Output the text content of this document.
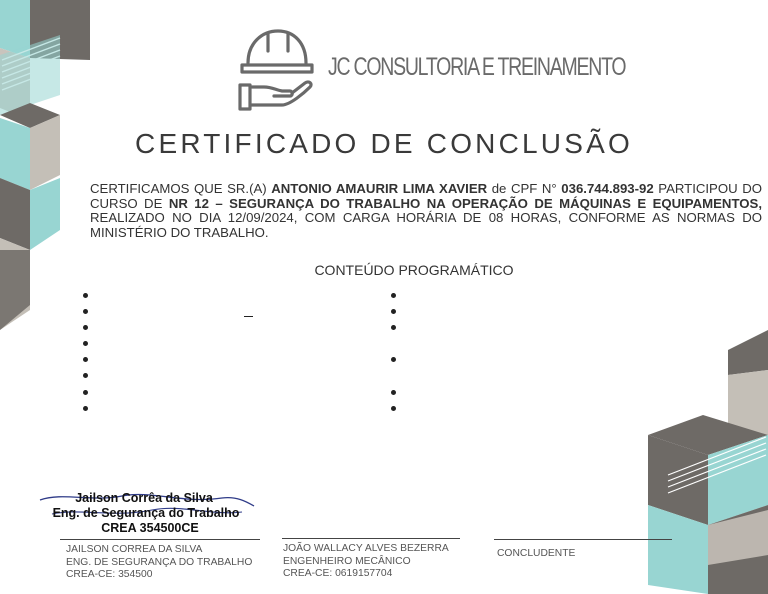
JC CONSULTORIA E TREINAMENTO
CERTIFICADO DE CONCLUSÃO
CERTIFICAMOS QUE SR.(A) ANTONIO AMAURIR LIMA XAVIER de CPF N° 036.744.893-92 PARTICIPOU DO CURSO DE NR 12 – SEGURANÇA DO TRABALHO NA OPERAÇÃO DE MÁQUINAS E EQUIPAMENTOS, REALIZADO NO DIA 12/09/2024, COM CARGA HORÁRIA DE 08 HORAS, CONFORME AS NORMAS DO MINISTÉRIO DO TRABALHO.
CONTEÚDO PROGRAMÁTICO
Jailson Corrêa da Silva
Eng. de Segurança do Trabalho
CREA 354500CE
JAILSON CORREA DA SILVA
ENG. DE SEGURANÇA DO TRABALHO
CREA-CE: 354500
JOÃO WALLACY ALVES BEZERRA
ENGENHEIRO MECÂNICO
CREA-CE: 0619157704
CONCLUDENTE
